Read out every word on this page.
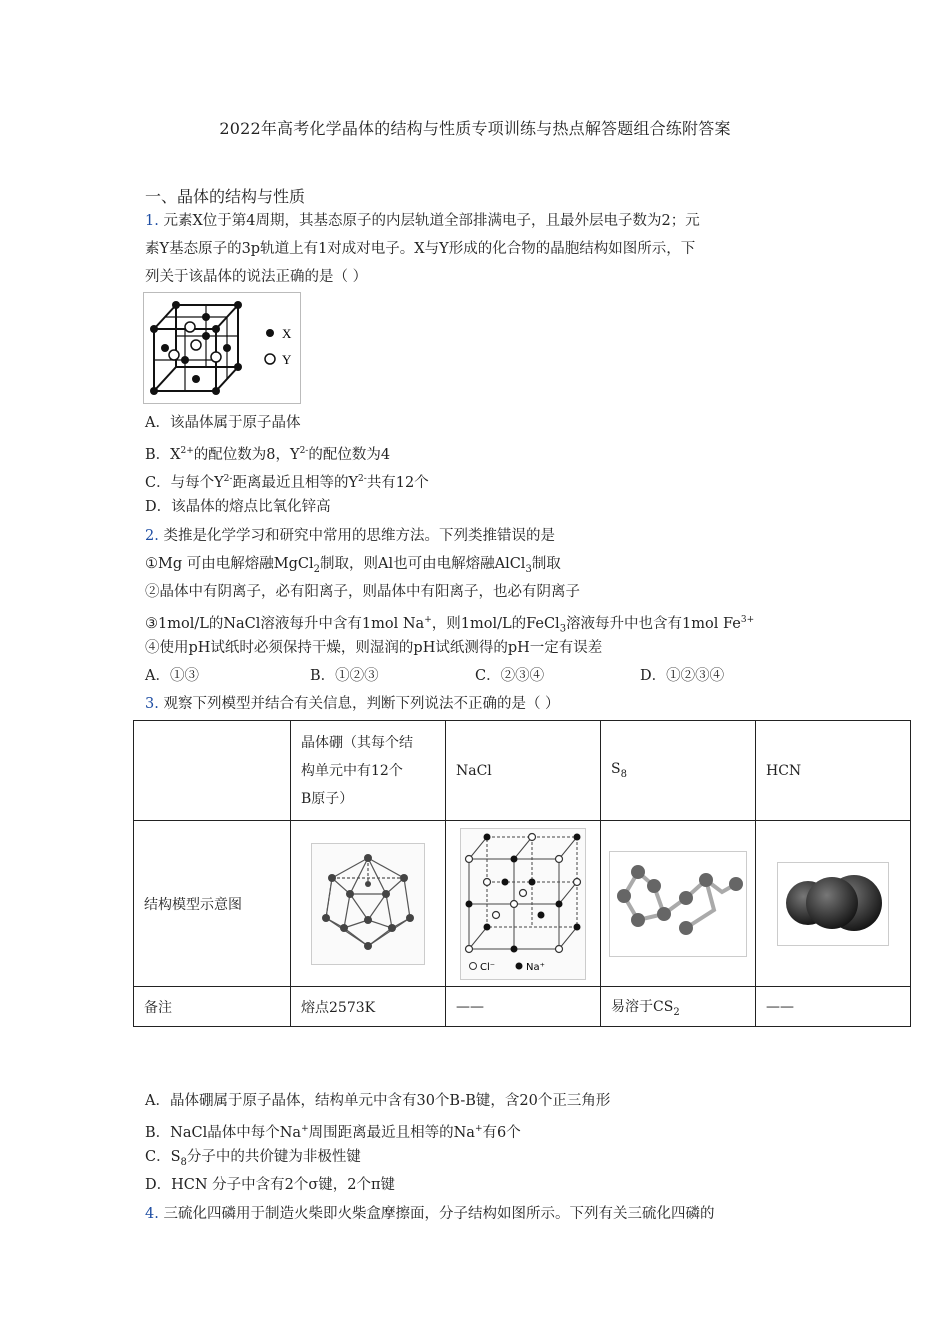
2022年高考化学晶体的结构与性质专项训练与热点解答题组合练附答案
一、晶体的结构与性质
1. 元素X位于第4周期，其基态原子的内层轨道全部排满电子，且最外层电子数为2；元
素Y基态原子的3p轨道上有1对成对电子。X与Y形成的化合物的晶胞结构如图所示，下
列关于该晶体的说法正确的是（ ）
X
Y
A．该晶体属于原子晶体
B．$X^{2+}$的配位数为8，$Y^{2-}$的配位数为4
C．与每个$Y^{2-}$距离最近且相等的$Y^{2-}$共有12个
D．该晶体的熔点比氧化锌高
2. 类推是化学学习和研究中常用的思维方法。下列类推错误的是
①Mg 可由电解熔融MgCl$_2$制取，则Al也可由电解熔融AlCl$_3$制取
②晶体中有阴离子，必有阳离子，则晶体中有阳离子，也必有阴离子
③1mol/L的NaCl溶液每升中含有1mol Na+，则1mol/L的FeCl$_3$溶液每升中也含有1mol $Fe^{3+}$
④使用pH试纸时必须保持干燥，则湿润的pH试纸测得的pH一定有误差
A．①③	B．①②③	C．②③④	D．①②③④
3. 观察下列模型并结合有关信息，判断下列说法不正确的是（ ）
	晶体硼（其每个结
构单元中有12个
B原子）	NaCl	$S_8$	HCN
结构模型示意图		Cl⁻ Na⁺

备注	熔点2573K	——	易溶于$CS_2$	——
A．晶体硼属于原子晶体，结构单元中含有30个B-B键，含20个正三角形
B．NaCl晶体中每个Na+周围距离最近且相等的Na+有6个
C．$S_8$分子中的共价键为非极性键
D．HCN 分子中含有2个σ键，2个π键
4. 三硫化四磷用于制造火柴即火柴盒摩擦面，分子结构如图所示。下列有关三硫化四磷的
